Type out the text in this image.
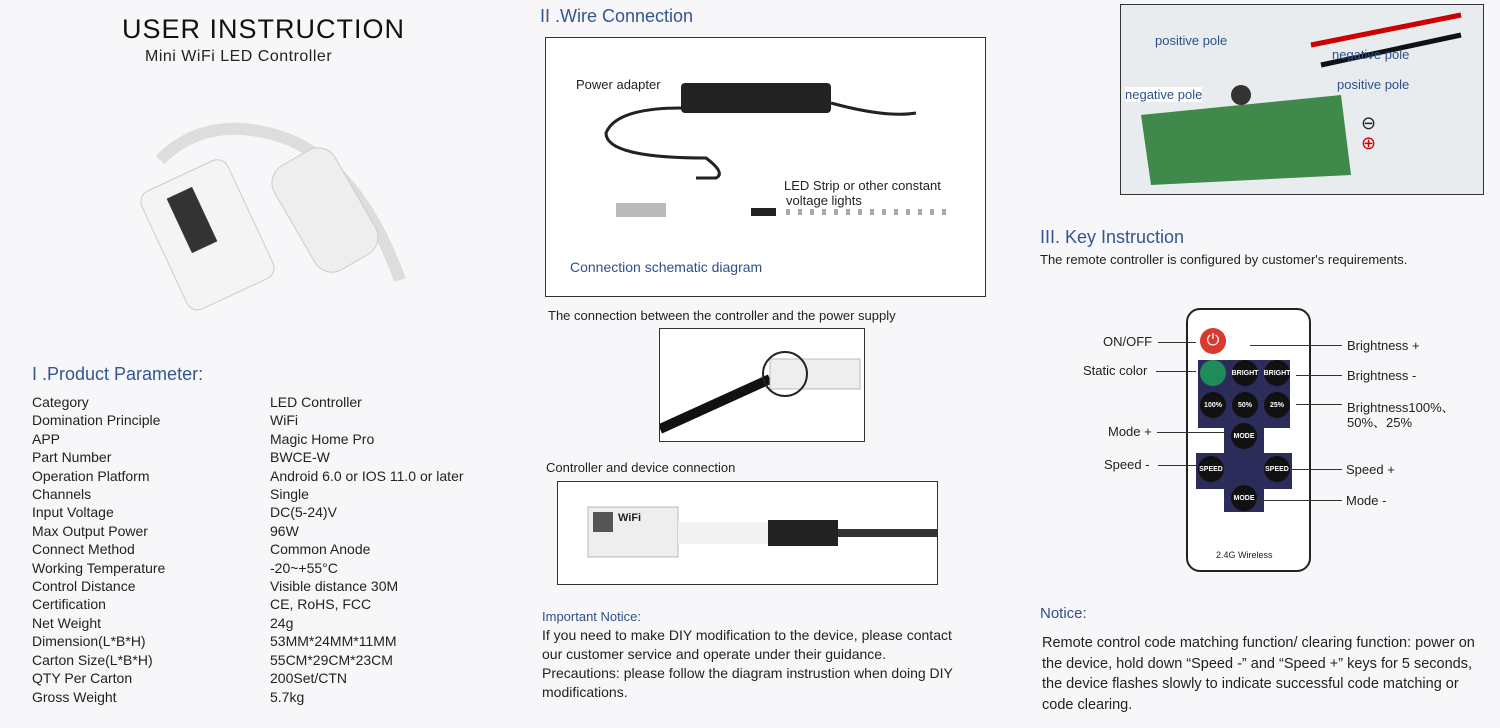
USER INSTRUCTION
Mini WiFi LED Controller
I .Product Parameter:
Category	LED Controller
Domination Principle	WiFi
APP	Magic Home Pro
Part Number	BWCE-W
Operation Platform	Android 6.0 or IOS 11.0 or later
Channels	Single
Input Voltage	DC(5-24)V
Max Output Power	96W
Connect Method	Common Anode
Working Temperature	-20~+55°C
Control Distance	Visible distance 30M
Certification	CE, RoHS, FCC
Net Weight	24g
Dimension(L*B*H)	53MM*24MM*11MM
Carton Size(L*B*H)	55CM*29CM*23CM
QTY Per Carton	200Set/CTN
Gross Weight	5.7kg
II .Wire Connection
Power adapter
LED Strip or other constant
voltage lights
Connection schematic diagram
The connection between the controller and the power supply
Controller and device connection
WiFi
Important Notice:
If you need to make DIY modification to the device, please contact
our customer service and operate under their guidance.
Precautions: please follow the diagram instrustion when doing DIY
modifications.
positive pole
negative pole
negative pole
positive pole
⊖
⊕
III. Key Instruction
The remote controller is configured by customer's requirements.
⏻
BRIGHT BRIGHT
100%	50%	25%
MODE
SPEED	SPEED
MODE
2.4G Wireless
ON/OFF
Static color
Mode +
Speed -
Brightness +
Brightness -
Brightness100%、
50%、25%
Speed +
Mode -
Notice:
Remote control code matching function/ clearing function: power on
the device, hold down “Speed -” and “Speed +” keys for 5 seconds,
the device flashes slowly to indicate successful code matching or
code clearing.
